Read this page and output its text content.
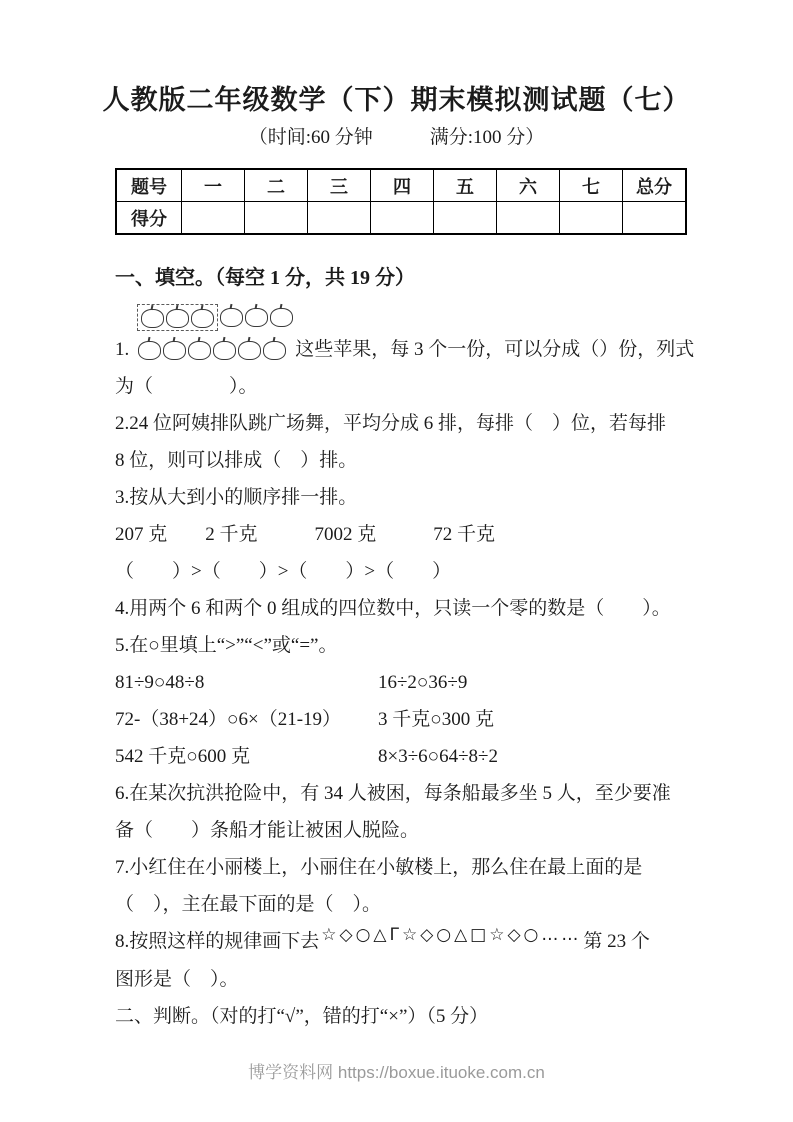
人教版二年级数学（下）期末模拟测试题（七）
（时间:60 分钟　　　满分:100 分）
题号	一	二	三	四	五	六	七	总分
得分								

一、填空。（每空 1 分，共 19 分）

1.	这些苹果，每 3 个一份，可以分成（）份，列式

为（　　　　）。

2.24 位阿姨排队跳广场舞，平均分成 6 排，每排（　）位，若每排

8 位，则可以排成（　）排。

3.按从大到小的顺序排一排。

207 克　　2 千克　　　7002 克　　　72 千克

（　　）>（　　）>（　　）>（　　）

4.用两个 6 和两个 0 组成的四位数中，只读一个零的数是（　　）。

5.在○里填上“>”“<”或“=”。

81÷9○48÷8	16÷2○36÷9

72-（38+24）○6×（21-19）	3 千克○300 克

542 千克○600 克	8×3÷6○64÷8÷2

6.在某次抗洪抢险中，有 34 人被困，每条船最多坐 5 人，至少要准

备（　　）条船才能让被困人脱险。

7.小红住在小丽楼上，小丽住在小敏楼上，那么住在最上面的是

（　），主在最下面的是（　）。

8.按照这样的规律画下去 ☆◇○△Γ☆◇○△□☆◇○…… 第 23 个

图形是（　）。

二、判断。（对的打“√”，错的打“×”）（5 分）

博学资料网 https://boxue.ituoke.com.cn
